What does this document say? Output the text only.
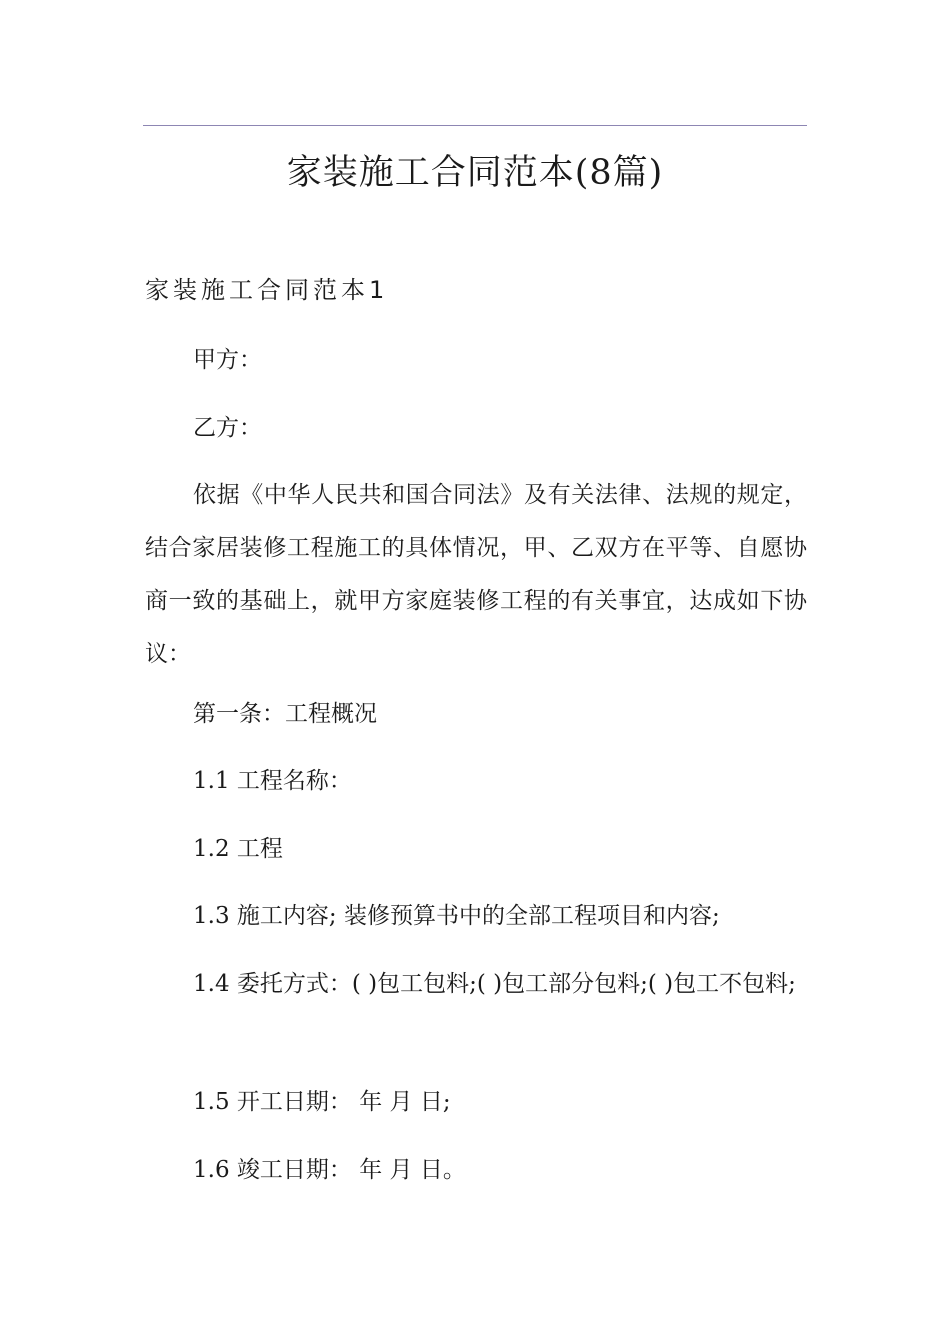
家装施工合同范本(8篇)
家装施工合同范本1
甲方：
乙方：
依据《中华人民共和国合同法》及有关法律、法规的规定，结合家居装修工程施工的具体情况，甲、乙双方在平等、自愿协商一致的基础上，就甲方家庭装修工程的有关事宜，达成如下协议：
第一条：工程概况
1.1 工程名称：
1.2 工程
1.3 施工内容; 装修预算书中的全部工程项目和内容;
1.4 委托方式：( )包工包料;( )包工部分包料;( )包工不包料;
1.5 开工日期： 年 月 日;
1.6 竣工日期： 年 月 日。
